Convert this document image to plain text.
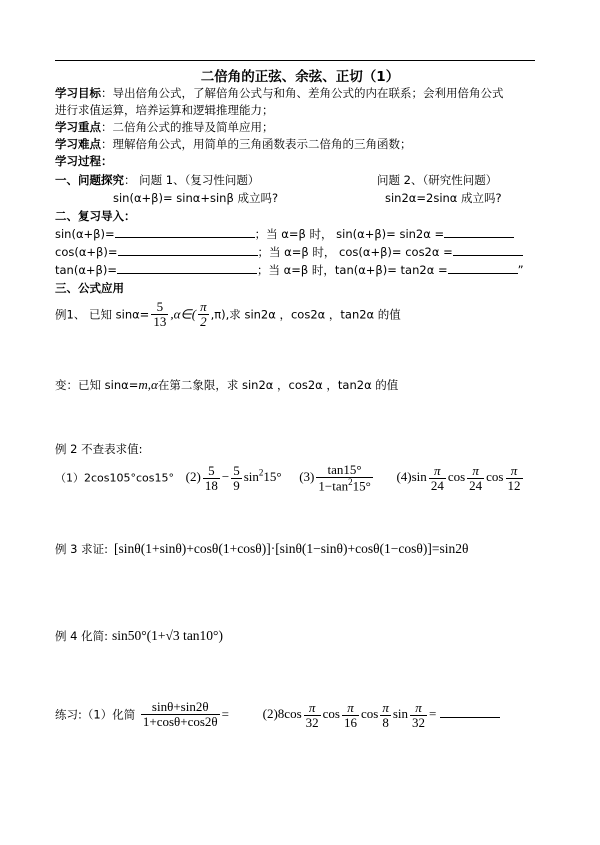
二倍角的正弦、余弦、正切（1）
学习目标：导出倍角公式，了解倍角公式与和角、差角公式的内在联系；会利用倍角公式
进行求值运算，培养运算和逻辑推理能力；
学习重点：二倍角公式的推导及简单应用；
学习难点：理解倍角公式，用简单的三角函数表示二倍角的三角函数；
学习过程：
一、问题探究： 问题 1、（复习性问题）	问题 2、（研究性问题）
sin(α+β)= sinα+sinβ 成立吗?	sin2α=2sinα 成立吗?
二、复习导入：
sin(α+β)=	；当 α=β 时， sin(α+β)= sin2α =
cos(α+β)=	；当 α=β 时， cos(α+β)= cos2α =
tan(α+β)=	；当 α=β 时，tan(α+β)= tan2α =	”
三、公式应用
例1、 已知 $\sin\alpha= \frac{5}{13}$ ,α∈( $\frac{\pi}{2} ,\pi$),求 sin2α ，cos2α ，tan2α 的值
变：已知 sinα=m,α在第二象限，求 sin2α ，cos2α ，tan2α 的值
例 2 不查表求值:
（1）2cos105°cos15° $(2) \frac{5}{18} - \frac{5}{9} \sin^215^\circ$ $(3) \frac{\tan 15^\circ}{1-\tan^215^\circ} (4)\sin \frac{\pi}{24}$ $\cos \frac{\pi}{24}$ $\cos \frac{\pi}{12}$
例 3 求证: [sinθ(1+sinθ)+cosθ(1+cosθ)]·[sinθ(1−sinθ)+cosθ(1−cosθ)]=sin2θ
例 4 化简: sin50°(1+√3 tan10°)
练习:（1）化简 $\frac{\sin\theta+\sin 2\theta}{1+\cos\theta+\cos 2\theta}$ =	$(2)8\cos \frac{\pi}{32}$ $\cos \frac{\pi}{16}$ $\cos \frac{\pi}{8}$ $\sin \frac{\pi}{32}$ =
